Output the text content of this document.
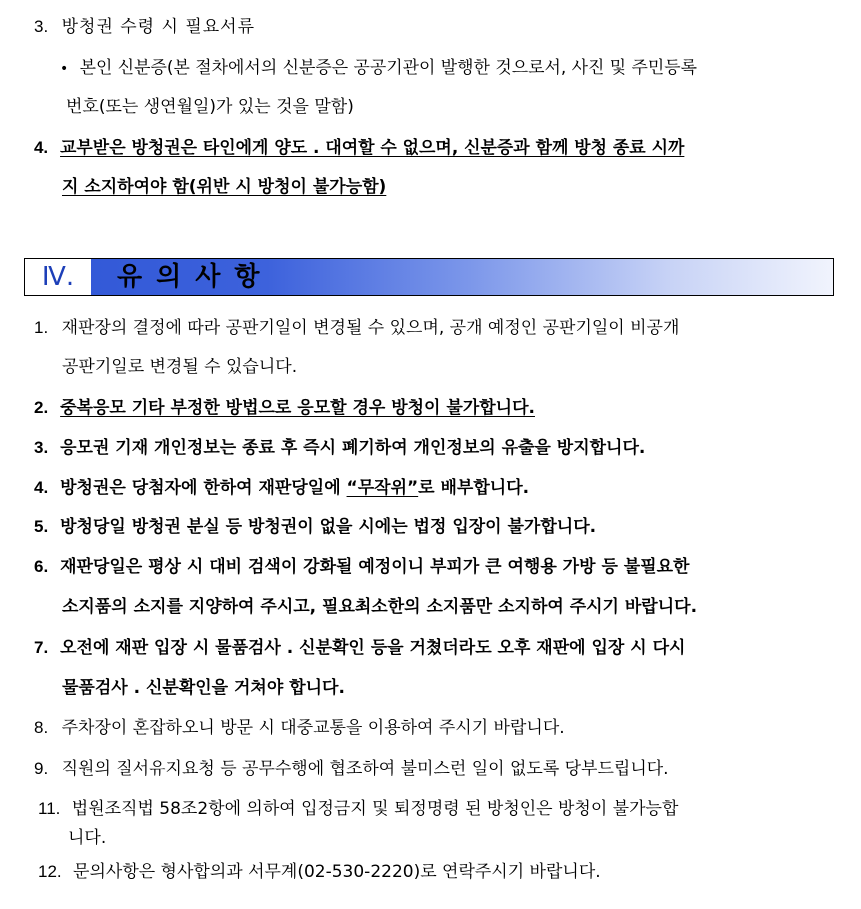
3. 방청권 수령 시 필요서류
• 본인 신분증(본 절차에서의 신분증은 공공기관이 발행한 것으로서, 사진 및 주민등록
번호(또는 생연월일)가 있는 것을 말함)
4. 교부받은 방청권은 타인에게 양도 . 대여할 수 없으며, 신분증과 함께 방청 종료 시까
지 소지하여야 함(위반 시 방청이 불가능함)
Ⅳ.	유의사항
1. 재판장의 결정에 따라 공판기일이 변경될 수 있으며, 공개 예정인 공판기일이 비공개
공판기일로 변경될 수 있습니다.
2. 중복응모 기타 부정한 방법으로 응모할 경우 방청이 불가합니다.
3. 응모권 기재 개인정보는 종료 후 즉시 폐기하여 개인정보의 유출을 방지합니다.
4. 방청권은 당첨자에 한하여 재판당일에 “무작위”로 배부합니다.
5. 방청당일 방청권 분실 등 방청권이 없을 시에는 법정 입장이 불가합니다.
6. 재판당일은 평상 시 대비 검색이 강화될 예정이니 부피가 큰 여행용 가방 등 불필요한
소지품의 소지를 지양하여 주시고, 필요최소한의 소지품만 소지하여 주시기 바랍니다.
7. 오전에 재판 입장 시 물품검사 . 신분확인 등을 거쳤더라도 오후 재판에 입장 시 다시
물품검사 . 신분확인을 거쳐야 합니다.
8. 주차장이 혼잡하오니 방문 시 대중교통을 이용하여 주시기 바랍니다.
9. 직원의 질서유지요청 등 공무수행에 협조하여 불미스런 일이 없도록 당부드립니다.
11. 법원조직법 58조2항에 의하여 입정금지 및 퇴정명령 된 방청인은 방청이 불가능합
니다.
12. 문의사항은 형사합의과 서무계(02-530-2220)로 연락주시기 바랍니다.
